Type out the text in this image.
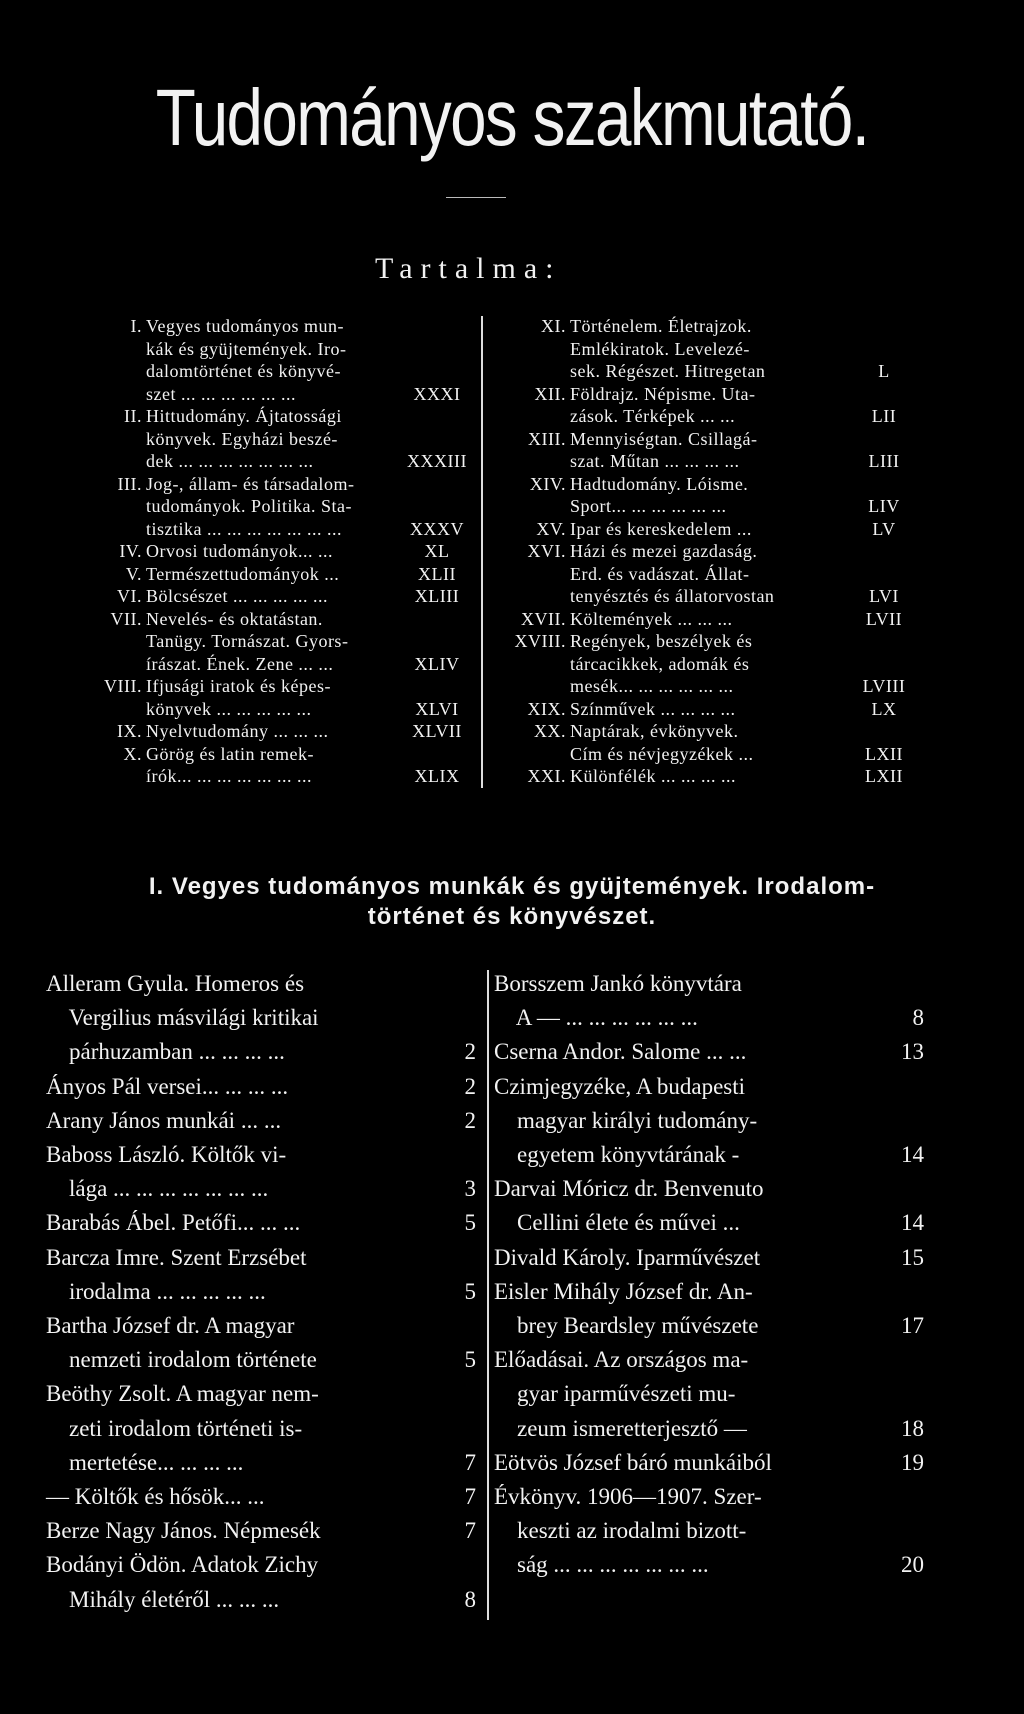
Tudományos szakmutató.
Tartalma:
I. Vegyes tudományos mun-
kák és gyüjtemények. Iro-
dalomtörténet és könyvé-
szet ... ... ... ... ... ...	XXXI
II. Hittudomány. Ájtatossági
könyvek. Egyházi beszé-
dek ... ... ... ... ... ... ...	XXXIII
III. Jog-, állam- és társadalom-
tudományok. Politika. Sta-
tisztika ... ... ... ... ... ... ...	XXXV
IV. Orvosi tudományok... ...	XL
V. Természettudományok ...	XLII
VI. Bölcsészet ... ... ... ... ...	XLIII
VII. Nevelés- és oktatástan.
Tanügy. Tornászat. Gyors-
írászat. Ének. Zene ... ...	XLIV
VIII. Ifjusági iratok és képes-
könyvek ... ... ... ... ...	XLVI
IX. Nyelvtudomány ... ... ...	XLVII
X. Görög és latin remek-
írók... ... ... ... ... ... ...	XLIX
XI. Történelem. Életrajzok.
Emlékiratok. Levelezé-
sek. Régészet. Hitregetan	L
XII. Földrajz. Népisme. Uta-
zások. Térképek ... ...	LII
XIII. Mennyiségtan. Csillagá-
szat. Műtan ... ... ... ...	LIII
XIV. Hadtudomány. Lóisme.
Sport... ... ... ... ... ...	LIV
XV. Ipar és kereskedelem ...	LV
XVI. Házi és mezei gazdaság.
Erd. és vadászat. Állat-
tenyésztés és állatorvostan	LVI
XVII. Költemények ... ... ...	LVII
XVIII. Regények, beszélyek és
tárcacikkek, adomák és
mesék... ... ... ... ... ...	LVIII
XIX. Színművek ... ... ... ...	LX
XX. Naptárak, évkönyvek.
Cím és névjegyzékek ...	LXII
XXI. Különfélék ... ... ... ...	LXII
I. Vegyes tudományos munkák és gyüjtemények. Irodalom-
történet és könyvészet.
Alleram Gyula. Homeros és
Vergilius másvilági kritikai
párhuzamban ... ... ... ...	2
Ányos Pál versei... ... ... ...	2
Arany János munkái ... ...	2
Baboss László. Költők vi-
lága ... ... ... ... ... ... ...	3
Barabás Ábel. Petőfi... ... ...	5
Barcza Imre. Szent Erzsébet
irodalma ... ... ... ... ...	5
Bartha József dr. A magyar
nemzeti irodalom története	5
Beöthy Zsolt. A magyar nem-
zeti irodalom történeti is-
mertetése... ... ... ...	7
— Költők és hősök... ...	7
Berze Nagy János. Népmesék	7
Bodányi Ödön. Adatok Zichy
Mihály életéről ... ... ...	8
Borsszem Jankó könyvtára
A — ... ... ... ... ... ...	8
Cserna Andor. Salome ... ...	13
Czimjegyzéke, A budapesti
magyar királyi tudomány-
egyetem könyvtárának -	14
Darvai Móricz dr. Benvenuto
Cellini élete és művei ...	14
Divald Károly. Iparművészet	15
Eisler Mihály József dr. An-
brey Beardsley művészete	17
Előadásai. Az országos ma-
gyar iparművészeti mu-
zeum ismeretterjesztő —	18
Eötvös József báró munkáiból	19
Évkönyv. 1906—1907. Szer-
keszti az irodalmi bizott-
ság ... ... ... ... ... ... ...	20
